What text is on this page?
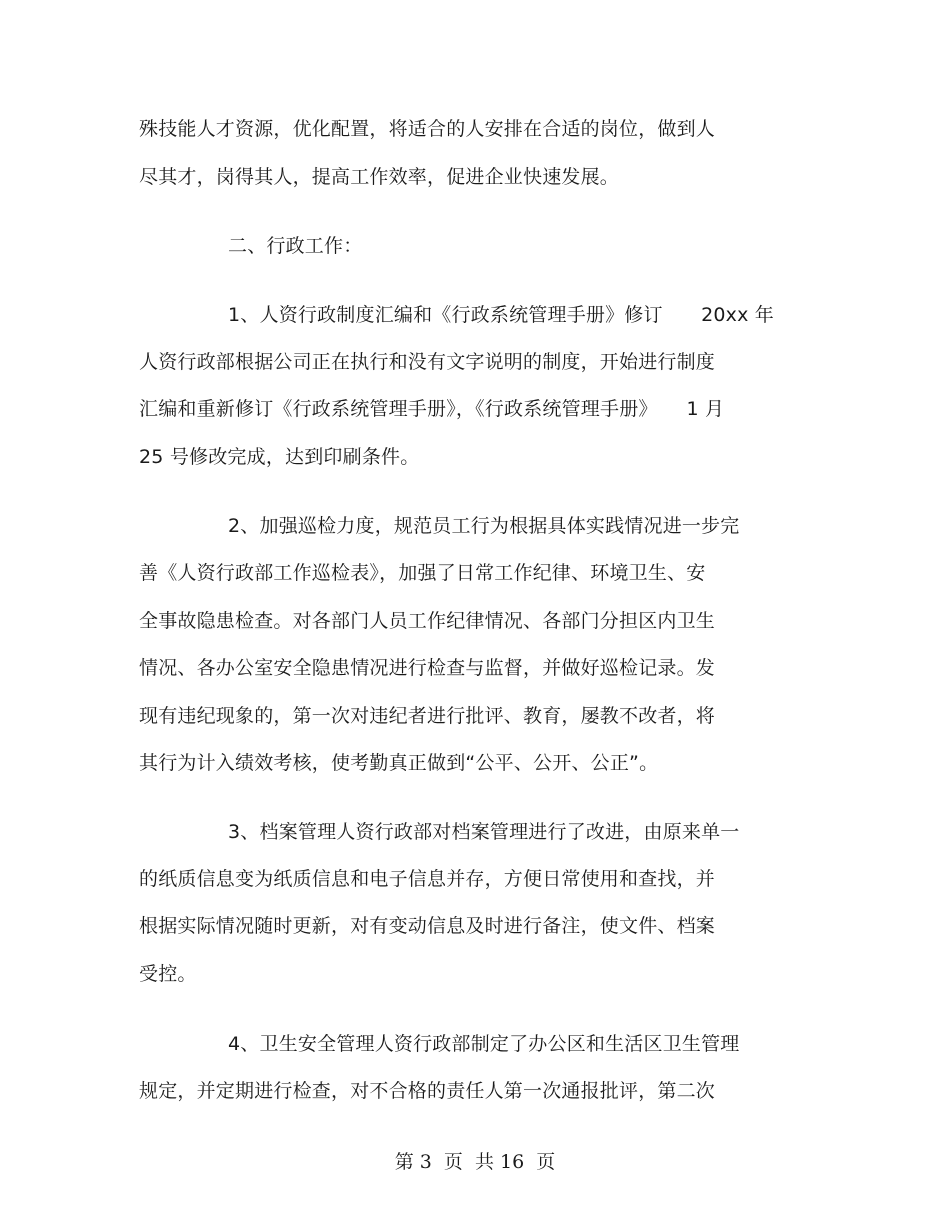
殊技能人才资源，优化配置，将适合的人安排在合适的岗位，做到人
尽其才，岗得其人，提高工作效率，促进企业快速发展。
二、行政工作：
1、人资行政制度汇编和《行政系统管理手册》修订　　20xx 年
人资行政部根据公司正在执行和没有文字说明的制度，开始进行制度
汇编和重新修订《行政系统管理手册》，《行政系统管理手册》　　1 月
25 号修改完成，达到印刷条件。
2、加强巡检力度，规范员工行为根据具体实践情况进一步完
善《人资行政部工作巡检表》，加强了日常工作纪律、环境卫生、安
全事故隐患检查。对各部门人员工作纪律情况、各部门分担区内卫生
情况、各办公室安全隐患情况进行检查与监督，并做好巡检记录。发
现有违纪现象的，第一次对违纪者进行批评、教育，屡教不改者，将
其行为计入绩效考核，使考勤真正做到“公平、公开、公正”。
3、档案管理人资行政部对档案管理进行了改进，由原来单一
的纸质信息变为纸质信息和电子信息并存，方便日常使用和查找，并
根据实际情况随时更新，对有变动信息及时进行备注，使文件、档案
受控。
4、卫生安全管理人资行政部制定了办公区和生活区卫生管理
规定，并定期进行检查，对不合格的责任人第一次通报批评，第二次
第 3  页  共 16  页
